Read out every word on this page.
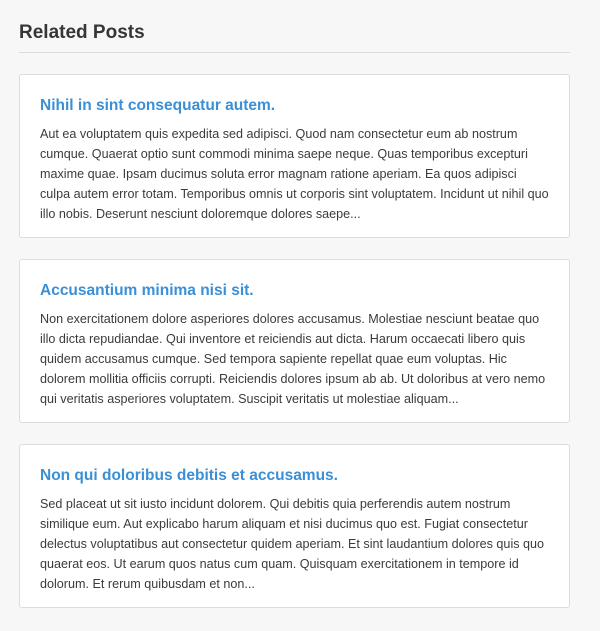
Related Posts
Nihil in sint consequatur autem.

Aut ea voluptatem quis expedita sed adipisci. Quod nam consectetur eum ab nostrum cumque. Quaerat optio sunt commodi minima saepe neque. Quas temporibus excepturi maxime quae. Ipsam ducimus soluta error magnam ratione aperiam. Ea quos adipisci culpa autem error totam. Temporibus omnis ut corporis sint voluptatem. Incidunt ut nihil quo illo nobis. Deserunt nesciunt doloremque dolores saepe...

Accusantium minima nisi sit.

Non exercitationem dolore asperiores dolores accusamus. Molestiae nesciunt beatae quo illo dicta repudiandae. Qui inventore et reiciendis aut dicta. Harum occaecati libero quis quidem accusamus cumque. Sed tempora sapiente repellat quae eum voluptas. Hic dolorem mollitia officiis corrupti. Reiciendis dolores ipsum ab ab. Ut doloribus at vero nemo qui veritatis asperiores voluptatem. Suscipit veritatis ut molestiae aliquam...

Non qui doloribus debitis et accusamus.

Sed placeat ut sit iusto incidunt dolorem. Qui debitis quia perferendis autem nostrum similique eum. Aut explicabo harum aliquam et nisi ducimus quo est. Fugiat consectetur delectus voluptatibus aut consectetur quidem aperiam. Et sint laudantium dolores quis quo quaerat eos. Ut earum quos natus cum quam. Quisquam exercitationem in tempore id dolorum. Et rerum quibusdam et non...
